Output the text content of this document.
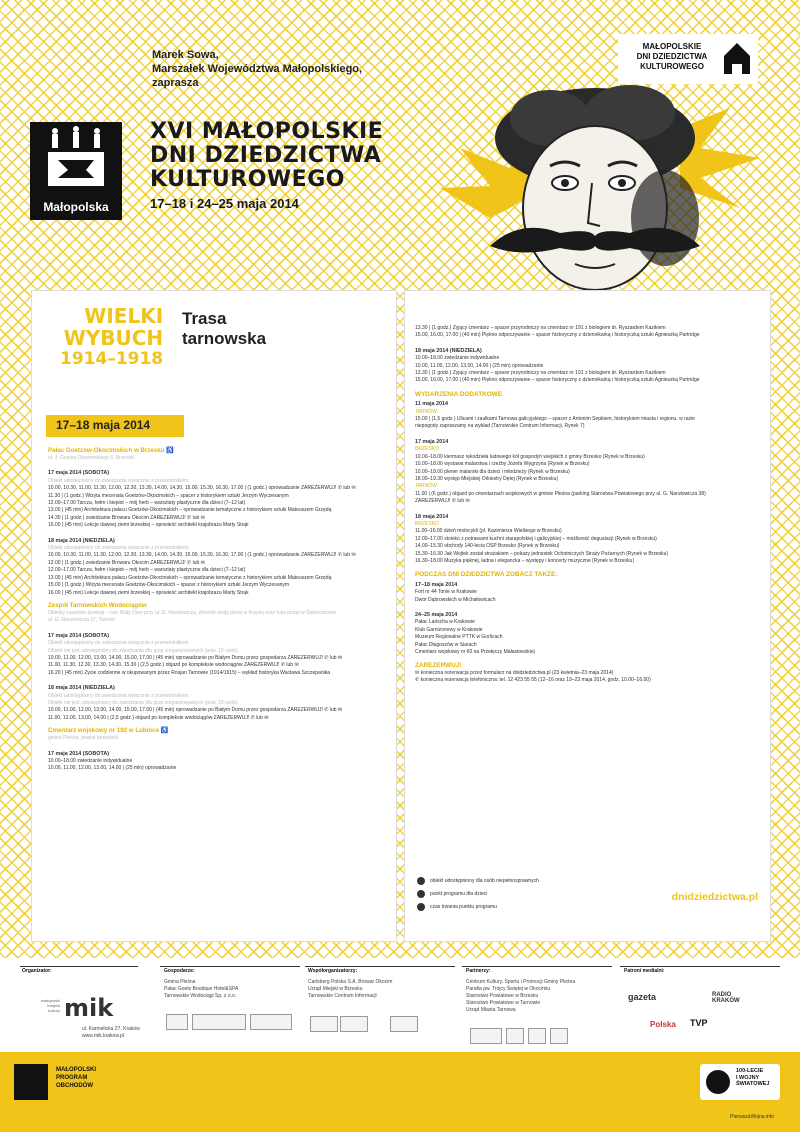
Marek Sowa,
Marszałek Województwa Małopolskiego,
zaprasza
MAŁOPOLSKIE
DNI DZIEDZICTWA
KULTUROWEGO
Małopolska
XVI MAŁOPOLSKIE
DNI DZIEDZICTWA
KULTUROWEGO
17–18 i 24–25 maja 2014
WIELKI
WYBUCH
1914–1918
Trasa
tarnowska
17–18 maja 2014
Pałac Goetzów-Okocimskich w Brzesku ♿
ul. J. Goetza Okocimskiego 6, Brzesko
17 maja 2014 (SOBOTA)
Obiekt udostępniony do zwiedzania wyłącznie z przewodnikiem.
10.00, 10.30, 11.00, 11.30, 12.00, 12.30, 13.30, 14.00, 14.30, 15.00, 15.30, 16.30, 17.00 | (1 godz.) oprowadzanie ZAREZERWUJ! ✆ lub ✉
11.30 | (1 godz.) Wizyta mecenata Goetzów-Okocimskich – spacer z historykiem sztuki Jerzym Wyczesanym
12.00–17.00 Tarcza, hełm i kiepiot – mój herb – warsztaty plastyczne dla dzieci (7–12 lat)
13.00 | (45 min) Architektura pałacu Goetzów-Okocimskich – oprowadzanie tematyczne z historykiem sztuki Mateuszem Grzędą
14.30 | (1 godz.) zwiedzanie Browaru Okocim ZAREZERWUJ! ✆ lub ✉
16.00 | (45 min) Lekcje dawnej ziemi brzeskiej – opowieść architekt krajobrazu Marty Strąk
18 maja 2014 (NIEDZIELA)
Obiekt udostępniony do zwiedzania wyłącznie z przewodnikiem.
10.00, 10.30, 11.00, 11.30, 12.00, 12.30, 13.30, 14.00, 14.30, 15.00, 15.30, 16.30, 17.00 | (1 godz.) oprowadzanie ZAREZERWUJ! ✆ lub ✉
12.00 | (1 godz.) zwiedzanie Browaru Okocim ZAREZERWUJ! ✆ lub ✉
12.00–17.00 Tarcza, hełm i kiepiot – mój herb – warsztaty plastyczne dla dzieci (7–12 lat)
13.00 | (45 min) Architektura pałacu Goetzów-Okocimskich – oprowadzanie tematyczne z historykiem sztuki Mateuszem Grzędą
15.00 | (1 godz.) Wizyta mecenata Goetzów-Okocimskich – spacer z historykiem sztuki Jerzym Wyczesanym
16.00 | (45 min) Lekcje dawnej ziemi brzeskiej – opowieść architekt krajobrazu Marty Strąk
Zespół Tarnowskich Wodociągów
Obiekty zasadzie dyrekcji – tzw. Biały Dom przy ul. G. Narutowicza, zbiornik wody pitnej w Krzyżu oraz hala pomp w Świerczkowie
ul. G. Narutowicza 37, Tarnów
17 maja 2014 (SOBOTA)
Obiekt udostępniony do zwiedzania wyłącznie z przewodnikiem.
Obiekt nie jest udostępniony do zwiedzania dla grup zorganizowanych (pow. 15 osób).
10.00, 11.00, 12.00, 13.00, 14.00, 15.00, 17.00 | (45 min) oprowadzanie po Białym Domu przez gospodarza ZAREZERWUJ! ✆ lub ✉
11.00, 11.30, 12.30, 13.30, 14.30, 15.30 | (2,5 godz.) objazd po kompleksie wodociągów ZAREZERWUJ! ✆ lub ✉
16.20 | (45 min) Życie codzienne w okupowanym przez Rosjan Tarnowie (1914/1915) – wykład historyka Wacława Szczepanika
18 maja 2014 (NIEDZIELA)
Obiekt udostępniony do zwiedzania wyłącznie z przewodnikiem.
Obiekt nie jest udostępniony do zwiedzania dla grup zorganizowanych (pow. 15 osób).
10.00, 11.00, 12.00, 13.00, 14.00, 15.00, 17.00 | (45 min) oprowadzanie po Białym Domu przez gospodarza ZAREZERWUJ! ✆ lub ✉
11.00, 12.00, 13.00, 14.00 | (2,5 godz.) objazd po kompleksie wodociągów ZAREZERWUJ! ✆ lub ✉
Cmentarz wojskowy nr 192 w Lubince ♿
gmina Pleśna, powiat tarnowski
17 maja 2014 (SOBOTA)
10.00–18.00 zwiedzanie indywidualne
10.00, 11.00, 12.00, 13.00, 14.00 | (25 min) oprowadzanie
13.30 | (1 godz.) Żyjący cmentarz – spacer przyrodniczy na cmentarz nr 191 z biologiem dr. Ryszardem Kazikiem
15.00, 16.00, 17.00 | (40 min) Piękno odpoczywanie – spacer historyczny z dziennikarką i historyczką sztuki Agnieszką Partridge
18 maja 2014 (NIEDZIELA)
10.00–18.00 zwiedzanie indywidualne
10.00, 11.00, 12.00, 13.00, 14.00 | (25 min) oprowadzanie
13.30 | (1 godz.) Żyjący cmentarz – spacer przyrodniczy na cmentarz nr 191 z biologiem dr. Ryszardem Kazikiem
15.00, 16.00, 17.00 | (40 min) Piękno odpoczywanie – spacer historyczny z dziennikarką i historyczką sztuki Agnieszką Partridge
WYDARZENIA DODATKOWE
11 maja 2014
TARNÓW
15.00 | (1,5 godz.) Ulicami i zaułkami Tarnowa galicyjskiego – spacer z Antonim Sepkiem, historykiem miasta i regionu, w razie
niepogody zapraszamy na wykład (Tarnowskie Centrum Informacji, Rynek 7)
17 maja 2014
BRZESKO
10.00–18.00 kiermasz rękodzieła ludowego kół gospodyń wiejskich z gminy Brzesko (Rynek w Brzesku)
10.00–18.00 wystawa malarstwa i rzeźby Józefa Węgrzyna (Rynek w Brzesku)
10.00–18.00 plener malarski dla dzieci i młodzieży (Rynek w Brzesku)
18.00–19.30 występ Miejskiej Orkiestry Dętej (Rynek w Brzesku)
TARNÓW
11.00 | (6 godz.) objazd po cmentarzach wojskowych w gminie Pleśna (parking Starostwa Powiatowego przy ul. G. Narutowicza 38)
ZAREZERWUJ! ✆ lub ✉
18 maja 2014
BRZESKO
11.00–16.00 dzień motocykli (pl. Kazimierza Wielkiego w Brzesku)
12.00–17.00 stoisko z potrawami kuchni starapolskiej i galicyjskiej – możliwość degustacji (Rynek w Brzesku)
14.00–15.30 obchody 140-lecia OSP Brzesko (Rynek w Brzesku)
15.30–16.30 Jak Wojtek został strażakiem – pokazy jednostek Ochotniczych Straży Pożarnych (Rynek w Brzesku)
16.30–18.00 Muzyka pięknej, ładna i elegancka – występy i koncerty muzyczne (Rynek w Brzesku)
PODCZAS DNI DZIEDZICTWA ZOBACZ TAKŻE:
17–18 maja 2014
Fort nr 44 Tonie w Krakowie
Dwór Dąbrowskich w Michałowicach
24–25 maja 2014
Pałac Larischa w Krakowie
Klub Garnizonowy w Krakowie
Muzeum Regionalne PTTK w Gorlicach
Pałac Długoszów w Siarach
Cmentarz wojskowy nr 60 na Przełęczy Małastowskiej
ZAREZERWUJ!
✉ konieczna rezerwacja przez formularz na dnidziedzictwa.pl (23 kwietnia–23 maja 2014)
✆ konieczna rezerwacja telefoniczna: tel. 12 423 55 55 (12–16 oraz 19–23 maja 2014, godz. 10.00–16.00)
obiekt udostępniony dla osób niepełnosprawnych
punkt programu dla dzieci
czas trwania punktu programu
dnidziedzictwa.pl
Organizator:
małopolski
instytut
kultury mik
ul. Karmelicka 27, Kraków
www.mik.krakow.pl
Gospodarze:
Gmina Pleśna
Pałac Goetz Boutique Hotel&SPA
Tarnowskie Wodociągi Sp. z o.o.
Współorganizatorzy:
Carlsberg Polska S.A. Browar Okocim
Urząd Miejski w Brzesku
Tarnowskie Centrum Informacji
Partnerzy:
Centrum Kultury, Sportu i Promocji Gminy Pleśna
Parafia pw. Trójcy Świętej w Okocimiu
Starostwo Powiatowe w Brzesku
Starostwo Powiatowe w Tarnowie
Urząd Miasta Tarnowa
Patroni medialni:
gazeta	RADIO KRAKÓW
Polska TVP
MAŁOPOLSKI
PROGRAM
OBCHODÓW
100-LECIE
I WOJNY
ŚWIATOWEJ
PierwszaWojna.info
